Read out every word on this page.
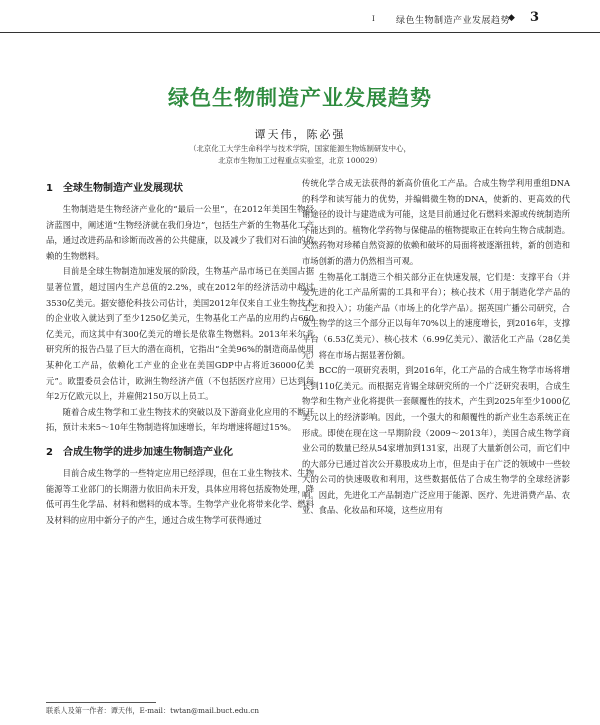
I 绿色生物制造产业发展趋势
◆ 3
绿色生物制造产业发展趋势
谭天伟，陈必强
（北京化工大学生命科学与技术学院，国家能源生物炼制研发中心，
北京市生物加工过程重点实验室，北京 100029）
1 全球生物制造产业发展现状

生物制造是生物经济产业化的“最后一公里”，在2012年美国生物经济蓝图中，阐述道“生物经济就在我们身边”，包括生产新的生物基化工产品，通过改进药品和诊断而改善的公共健康，以及减少了我们对石油的依赖的生物燃料。

目前是全球生物制造加速发展的阶段，生物基产品市场已在美国占据显著位置，超过国内生产总值的2.2%，或在2012年的经济活动中超过3530亿美元。据安德伦科技公司估计，美国2012年仅来自工业生物技术的企业收入就达到了至少1250亿美元，生物基化工产品的应用约占660亿美元，而这其中有300亿美元的增长是依靠生物燃料。2013年米尔肯研究所的报告凸显了巨大的潜在商机，它指出“全美96%的制造商品使用某种化工产品，依赖化工产业的企业在美国GDP中占将近36000亿美元”。欧盟委员会估计，欧洲生物经济产值（不包括医疗应用）已达到每年2万亿欧元以上，并雇佣2150万以上员工。

随着合成生物学和工业生物技术的突破以及下游商业化应用的不断开拓，预计未来5～10年生物制造将加速增长，年均增速将超过15%。

2 合成生物学的进步加速生物制造产业化

目前合成生物学的一些特定应用已经浮现，但在工业生物技术、生物能源等工业部门的长期潜力依旧尚未开发，具体应用将包括废物处理，降低可再生化学品、材料和燃料的成本等。生物学产业化将带来化学、燃料及材料的应用中新分子的产生，通过合成生物学可获得通过

传统化学合成无法获得的新高价值化工产品。合成生物学利用重组DNA的科学和读写能力的优势，并编辑微生物的DNA，使新的、更高效的代谢途径的设计与建造成为可能，这是目前通过化石燃料来源或传统制造所不能达到的。植物化学药物与保健品的植物提取正在转向生物合成制造。天然药物对珍稀自然资源的依赖和破坏的局面将被逐渐扭转，新的创造和市场创新的潜力仍然相当可观。

生物基化工制造三个相关部分正在快速发展，它们是：支撑平台（并发先进的化工产品所需的工具和平台）；核心技术（用于制造化学产品的工艺和投入）；功能产品（市场上的化学产品）。据英国广播公司研究，合成生物学的这三个部分正以每年70%以上的速度增长，到2016年，支撑平台（6.53亿美元）、核心技术（6.99亿美元）、激活化工产品（28亿美元）将在市场占据显著份额。

BCC的一项研究表明，到2016年，化工产品的合成生物学市场将增长到110亿美元。而根据克肯锡全球研究所的一个广泛研究表明，合成生物学和生物产业化将提供一套颠覆性的技术，产生到2025年至少1000亿美元以上的经济影响。因此，一个强大的和颠覆性的新产业生态系统正在形成。即使在现在这一早期阶段（2009～2013年），美国合成生物学商业公司的数量已经从54家增加到131家，出现了大量新创公司，而它们中的大部分已通过首次公开募股成功上市，但是由于在广泛的领域中一些较大的公司的快速吸收和利用，这些数据低估了合成生物学的全球经济影响。因此，先进化工产品制造广泛应用于能源、医疗、先进消费产品、农业、食品、化妆品和环境，这些应用有

联系人及第一作者：谭天伟，E-mail：twtan@mail.buct.edu.cn
